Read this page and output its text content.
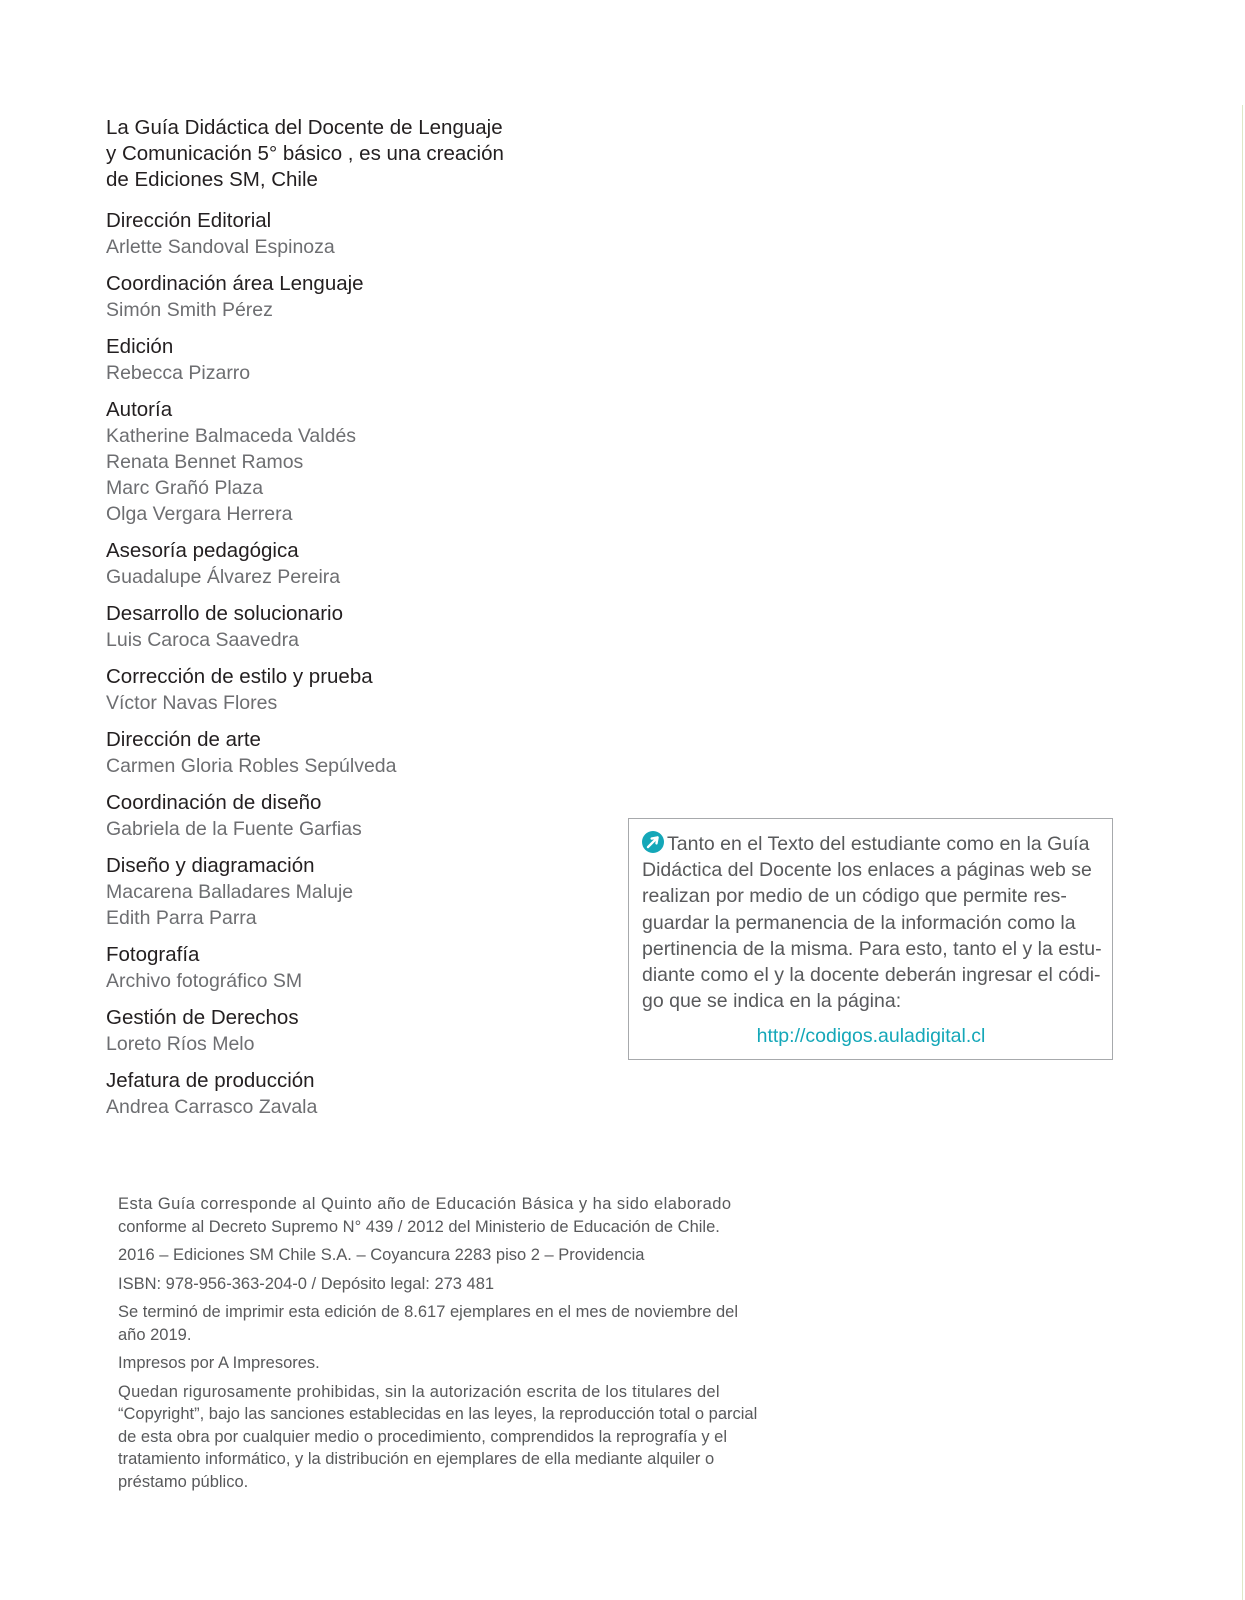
La Guía Didáctica del Docente de Lenguaje
y Comunicación 5° básico , es una creación
de Ediciones SM, Chile
Dirección Editorial
Arlette Sandoval Espinoza
Coordinación área Lenguaje
Simón Smith Pérez
Edición
Rebecca Pizarro
Autoría
Katherine Balmaceda Valdés
Renata Bennet Ramos
Marc Grañó Plaza
Olga Vergara Herrera
Asesoría pedagógica
Guadalupe Álvarez Pereira
Desarrollo de solucionario
Luis Caroca Saavedra
Corrección de estilo y prueba
Víctor Navas Flores
Dirección de arte
Carmen Gloria Robles Sepúlveda
Coordinación de diseño
Gabriela de la Fuente Garfias
Diseño y diagramación
Macarena Balladares Maluje
Edith Parra Parra
Fotografía
Archivo fotográfico SM
Gestión de Derechos
Loreto Ríos Melo
Jefatura de producción
Andrea Carrasco Zavala
Tanto en el Texto del estudiante como en la Guía
Didáctica del Docente los enlaces a páginas web se
realizan por medio de un código que permite res-
guardar la permanencia de la información como la
pertinencia de la misma. Para esto, tanto el y la estu-
diante como el y la docente deberán ingresar el códi-
go que se indica en la página:
http://codigos.auladigital.cl

Esta Guía corresponde al Quinto año de Educación Básica y ha sido elaborado
conforme al Decreto Supremo N° 439 / 2012 del Ministerio de Educación de Chile.

2016 – Ediciones SM Chile S.A. – Coyancura 2283 piso 2 – Providencia

ISBN: 978-956-363-204-0 / Depósito legal: 273 481

Se terminó de imprimir esta edición de 8.617 ejemplares en el mes de noviembre del
año 2019.

Impresos por A Impresores.

Quedan rigurosamente prohibidas, sin la autorización escrita de los titulares del
“Copyright”, bajo las sanciones establecidas en las leyes, la reproducción total o parcial
de esta obra por cualquier medio o procedimiento, comprendidos la reprografía y el
tratamiento informático, y la distribución en ejemplares de ella mediante alquiler o
préstamo público.
